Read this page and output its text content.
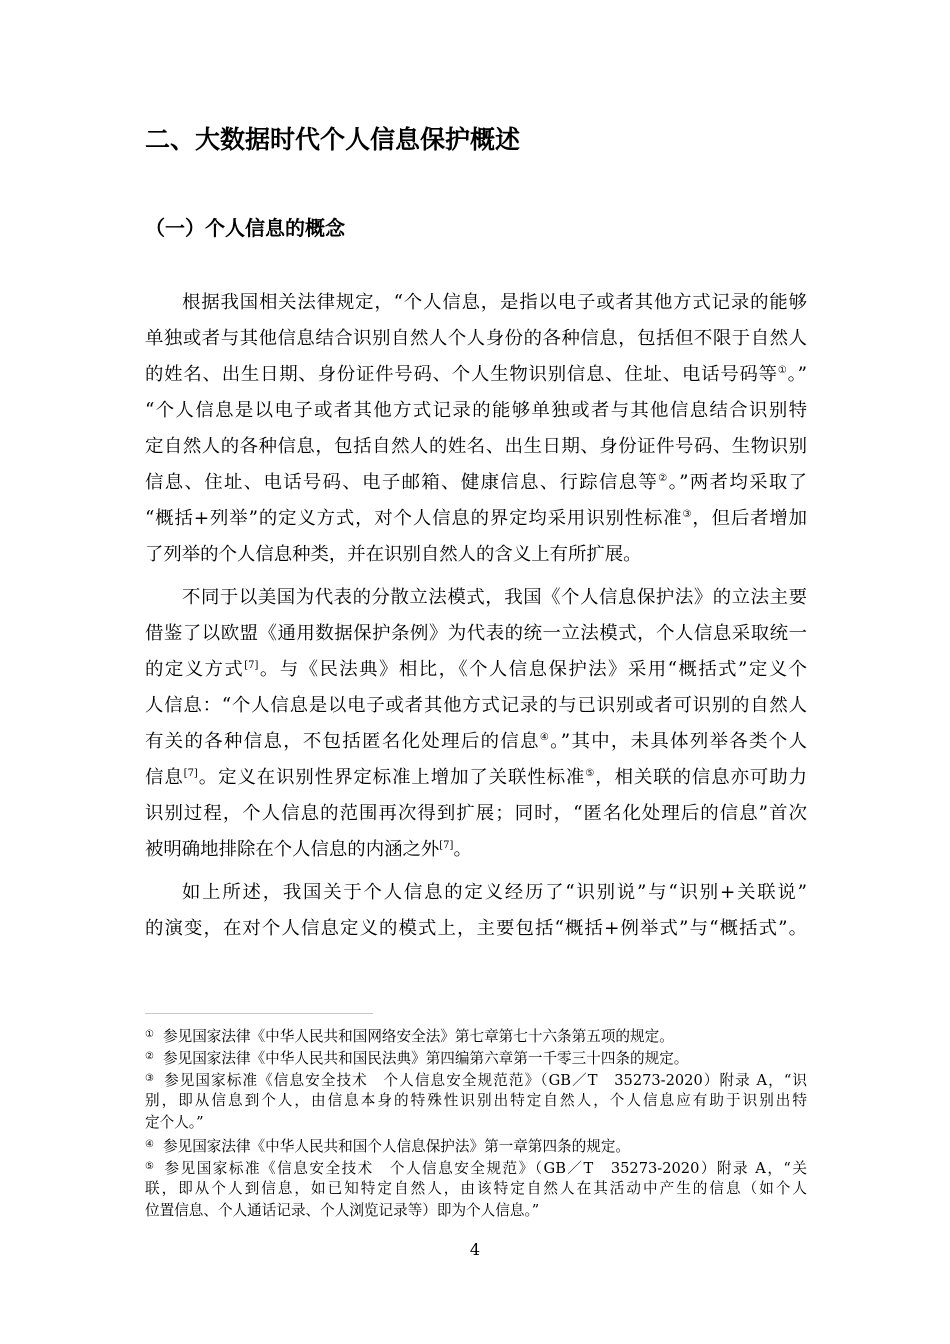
二、大数据时代个人信息保护概述
（一）个人信息的概念
根据我国相关法律规定，“个人信息，是指以电子或者其他方式记录的能够
单独或者与其他信息结合识别自然人个人身份的各种信息，包括但不限于自然人
的姓名、出生日期、身份证件号码、个人生物识别信息、住址、电话号码等①。”
“个人信息是以电子或者其他方式记录的能够单独或者与其他信息结合识别特
定自然人的各种信息，包括自然人的姓名、出生日期、身份证件号码、生物识别
信息、住址、电话号码、电子邮箱、健康信息、行踪信息等②。”两者均采取了
“概括+列举”的定义方式，对个人信息的界定均采用识别性标准③，但后者增加
了列举的个人信息种类，并在识别自然人的含义上有所扩展。
不同于以美国为代表的分散立法模式，我国《个人信息保护法》的立法主要
借鉴了以欧盟《通用数据保护条例》为代表的统一立法模式，个人信息采取统一
的定义方式[7]。与《民法典》相比，《个人信息保护法》采用“概括式”定义个
人信息：“个人信息是以电子或者其他方式记录的与已识别或者可识别的自然人
有关的各种信息，不包括匿名化处理后的信息④。”其中，未具体列举各类个人
信息[7]。定义在识别性界定标准上增加了关联性标准⑤，相关联的信息亦可助力
识别过程，个人信息的范围再次得到扩展；同时，“匿名化处理后的信息”首次
被明确地排除在个人信息的内涵之外[7]。
如上所述，我国关于个人信息的定义经历了“识别说”与“识别+关联说”
的演变，在对个人信息定义的模式上，主要包括“概括+例举式”与“概括式”。
① 参见国家法律《中华人民共和国网络安全法》第七章第七十六条第五项的规定。
② 参见国家法律《中华人民共和国民法典》第四编第六章第一千零三十四条的规定。
③ 参见国家标准《信息安全技术　个人信息安全规范范》（GB／T　35273-2020）附录 A，“识
别，即从信息到个人，由信息本身的特殊性识别出特定自然人，个人信息应有助于识别出特
定个人。”
④ 参见国家法律《中华人民共和国个人信息保护法》第一章第四条的规定。
⑤ 参见国家标准《信息安全技术　个人信息安全规范》（GB／T　35273-2020）附录 A，“关
联，即从个人到信息，如已知特定自然人，由该特定自然人在其活动中产生的信息（如个人
位置信息、个人通话记录、个人浏览记录等）即为个人信息。”
4
